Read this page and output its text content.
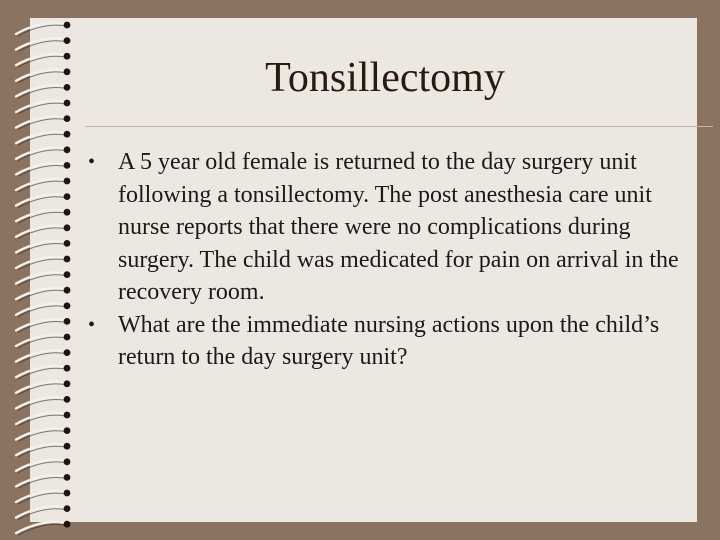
Tonsillectomy
• A 5 year old female is returned to the day surgery unit following a tonsillectomy. The post anesthesia care unit nurse reports that there were no complications during surgery. The child was medicated for pain on arrival in the recovery room.
• What are the immediate nursing actions upon the child’s return to the day surgery unit?
